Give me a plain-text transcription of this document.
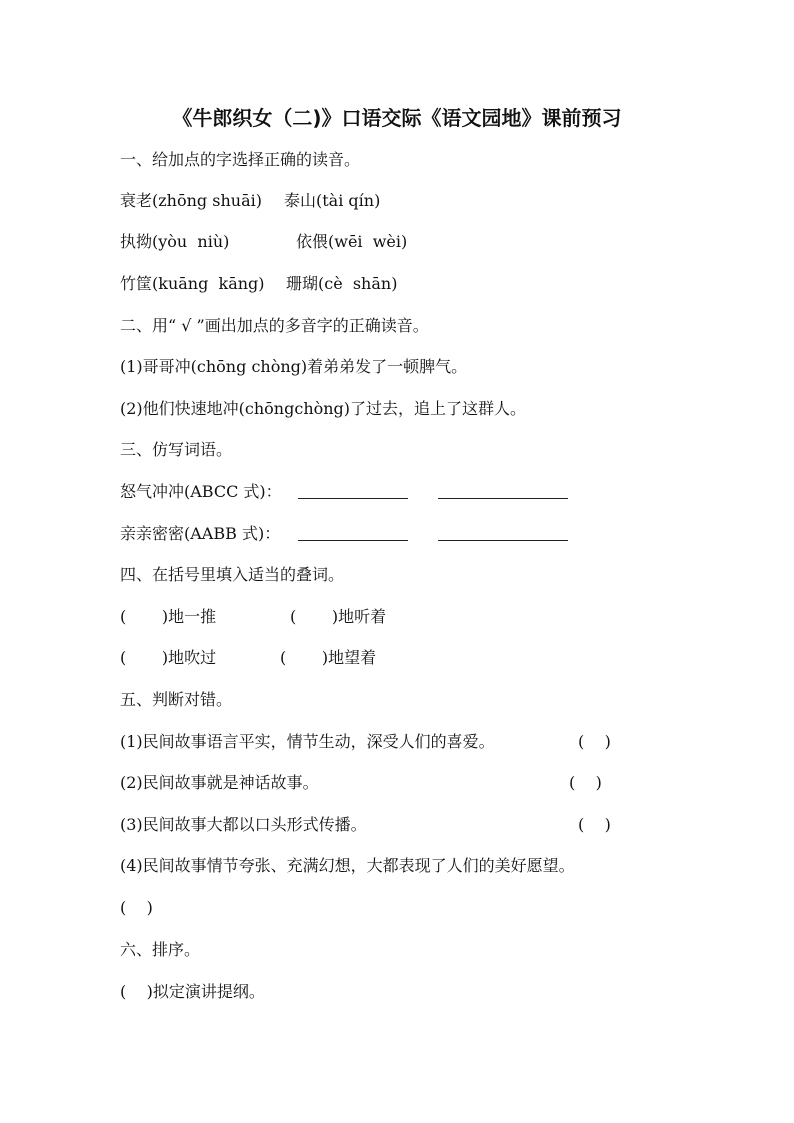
《牛郎织女（二)》口语交际《语文园地》课前预习
一、给加点的字选择正确的读音。

衰老(zhōng shuāi)

泰山(tài qín)

执拗(yòu  niù)

	依偎(wēi  wèi)

竹筐(kuāng  kāng)

珊瑚(cè  shān)

二、用“ √ ”画出加点的多音字的正确读音。
(1)哥哥冲(chōng chòng)着弟弟发了一顿脾气。
(2)他们快速地冲(chōngchòng)了过去，追上了这群人。
三、仿写词语。

怒气冲冲(ABCC 式)：

亲亲密密(AABB 式)：

四、在括号里填入适当的叠词。

(       )地一推

	(       )地听着

(       )地吹过

	(       )地望着

五、判断对错。

(1)民间故事语言平实，情节生动，深受人们的喜爱。

	(    )

(2)民间故事就是神话故事。

	(    )

(3)民间故事大都以口头形式传播。

	(    )

(4)民间故事情节夸张、充满幻想，大都表现了人们的美好愿望。
(    )
六、排序。
(    )拟定演讲提纲。
